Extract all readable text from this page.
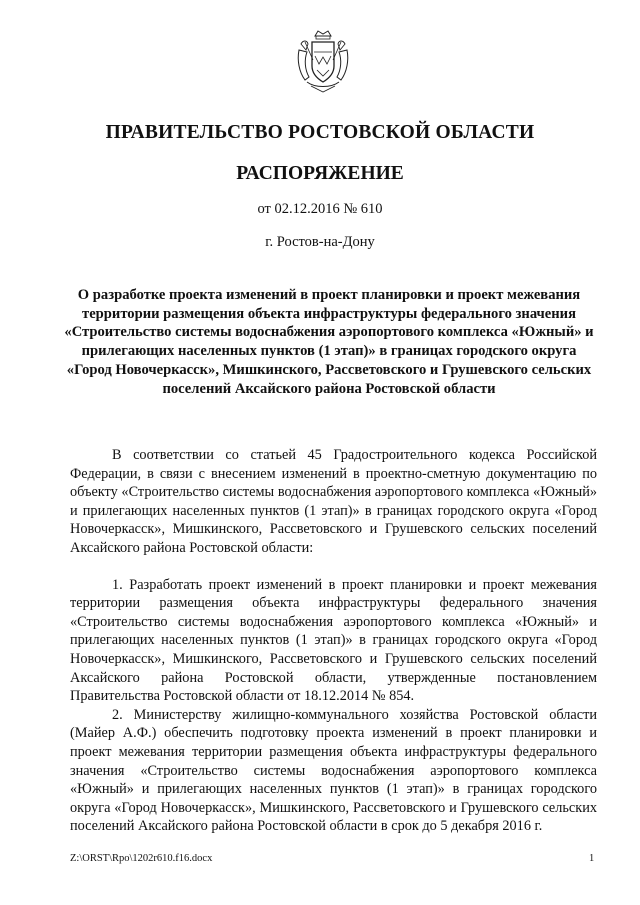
ПРАВИТЕЛЬСТВО РОСТОВСКОЙ ОБЛАСТИ
РАСПОРЯЖЕНИЕ
от 02.12.2016 № 610
г. Ростов-на-Дону
О разработке проекта изменений в проект планировки и проект межевания территории размещения объекта инфраструктуры федерального значения «Строительство системы водоснабжения аэропортового комплекса «Южный» и прилегающих населенных пунктов (1 этап)» в границах городского округа «Город Новочеркасск», Мишкинского, Рассветовского и Грушевского сельских поселений Аксайского района Ростовской области

В соответствии со статьей 45 Градостроительного кодекса Российской Федерации, в связи с внесением изменений в проектно-сметную документацию по объекту «Строительство системы водоснабжения аэропортового комплекса «Южный» и прилегающих населенных пунктов (1 этап)» в границах городского округа «Город Новочеркасск», Мишкинского, Рассветовского и Грушевского сельских поселений Аксайского района Ростовской области:

1. Разработать проект изменений в проект планировки и проект межевания территории размещения объекта инфраструктуры федерального значения «Строительство системы водоснабжения аэропортового комплекса «Южный» и прилегающих населенных пунктов (1 этап)» в границах городского округа «Город Новочеркасск», Мишкинского, Рассветовского и Грушевского сельских поселений Аксайского района Ростовской области, утвержденные постановлением Правительства Ростовской области от 18.12.2014 № 854.

2. Министерству жилищно-коммунального хозяйства Ростовской области (Майер А.Ф.) обеспечить подготовку проекта изменений в проект планировки и проект межевания территории размещения объекта инфраструктуры федерального значения «Строительство системы водоснабжения аэропортового комплекса «Южный» и прилегающих населенных пунктов (1 этап)» в границах городского округа «Город Новочеркасск», Мишкинского, Рассветовского и Грушевского сельских поселений Аксайского района Ростовской области в срок до 5 декабря 2016 г.

Z:\ORST\Rpo\1202r610.f16.docx	1
